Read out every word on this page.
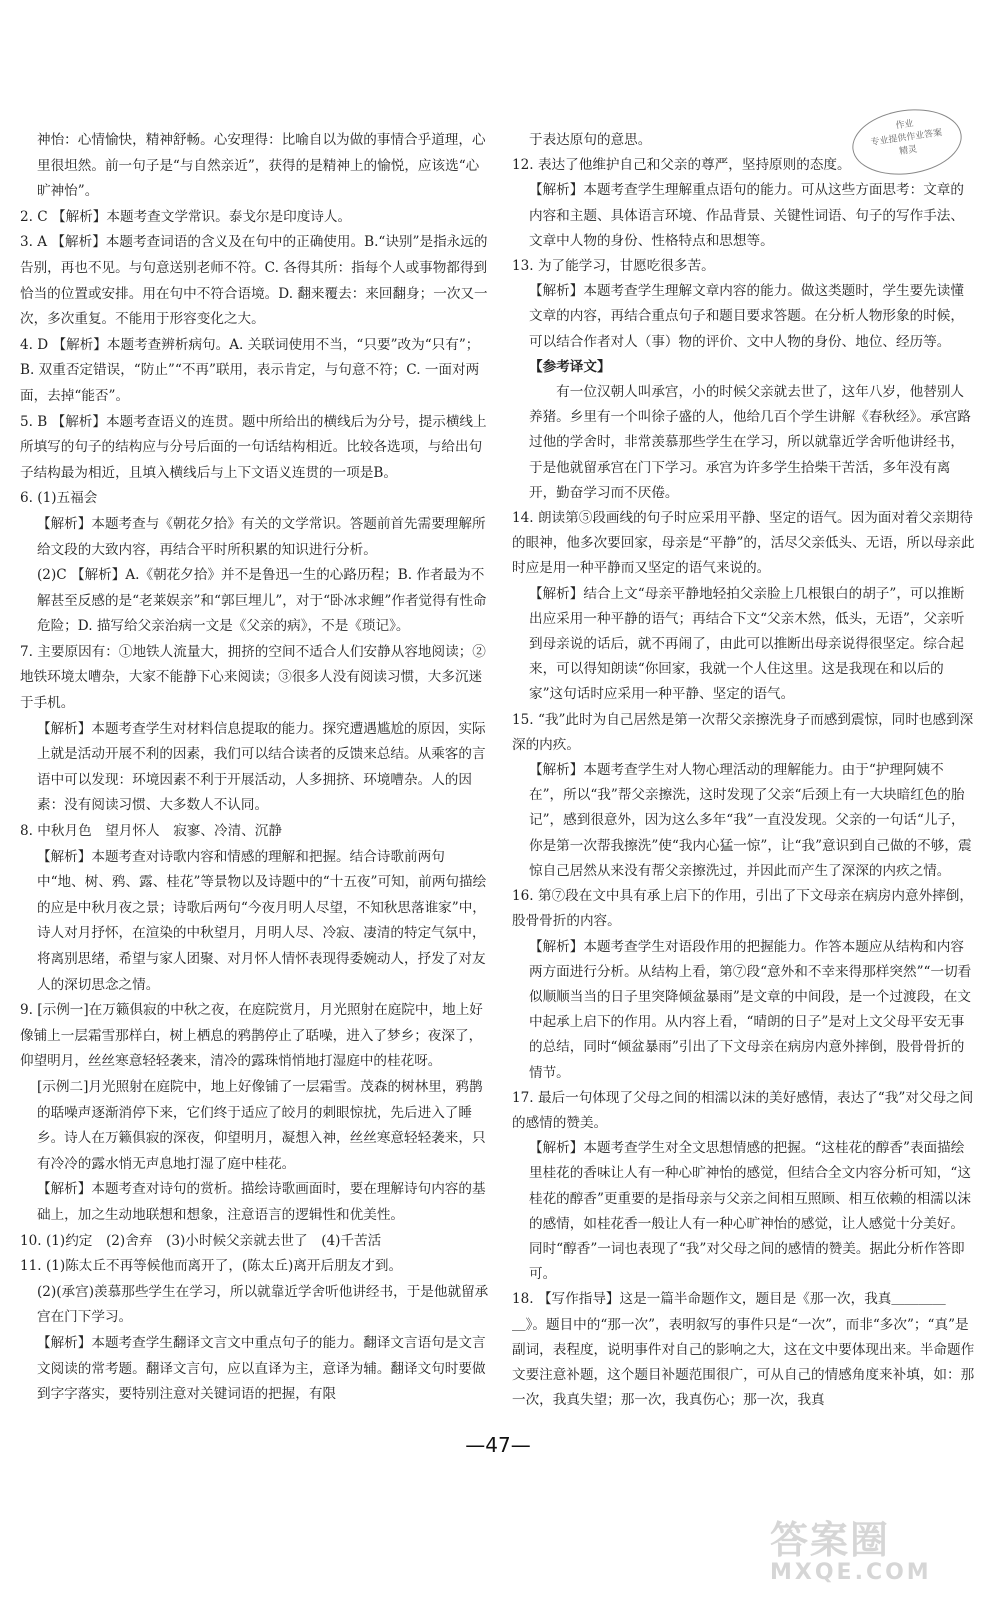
作业
专业提供作业答案
精灵
神怡：心情愉快，精神舒畅。心安理得：比喻自以为做的事情合乎道理，心里很坦然。前一句子是“与自然亲近”，获得的是精神上的愉悦，应该选“心旷神怡”。
2. C 【解析】本题考查文学常识。泰戈尔是印度诗人。
3. A 【解析】本题考查词语的含义及在句中的正确使用。B.“诀别”是指永远的告别，再也不见。与句意送别老师不符。C. 各得其所：指每个人或事物都得到恰当的位置或安排。用在句中不符合语境。D. 翻来覆去：来回翻身；一次又一次，多次重复。不能用于形容变化之大。
4. D 【解析】本题考查辨析病句。A. 关联词使用不当，“只要”改为“只有”；B. 双重否定错误，“防止”“不再”联用，表示肯定，与句意不符；C. 一面对两面，去掉“能否”。
5. B 【解析】本题考查语义的连贯。题中所给出的横线后为分号，提示横线上所填写的句子的结构应与分号后面的一句话结构相近。比较各选项，与给出句子结构最为相近，且填入横线后与上下文语义连贯的一项是B。
6. (1)五福会
【解析】本题考查与《朝花夕拾》有关的文学常识。答题前首先需要理解所给文段的大致内容，再结合平时所积累的知识进行分析。
(2)C 【解析】A.《朝花夕拾》并不是鲁迅一生的心路历程；B. 作者最为不解甚至反感的是“老莱娱亲”和“郭巨埋儿”，对于“卧冰求鲤”作者觉得有性命危险；D. 描写给父亲治病一文是《父亲的病》，不是《琐记》。
7. 主要原因有：①地铁人流量大，拥挤的空间不适合人们安静从容地阅读；②地铁环境太嘈杂，大家不能静下心来阅读；③很多人没有阅读习惯，大多沉迷于手机。
【解析】本题考查学生对材料信息提取的能力。探究遭遇尴尬的原因，实际上就是活动开展不利的因素，我们可以结合读者的反馈来总结。从乘客的言语中可以发现：环境因素不利于开展活动，人多拥挤、环境嘈杂。人的因素：没有阅读习惯、大多数人不认同。
8. 中秋月色　望月怀人　寂寥、冷清、沉静
【解析】本题考查对诗歌内容和情感的理解和把握。结合诗歌前两句中“地、树、鸦、露、桂花”等景物以及诗题中的“十五夜”可知，前两句描绘的应是中秋月夜之景；诗歌后两句“今夜月明人尽望，不知秋思落谁家”中，诗人对月抒怀，在渲染的中秋望月，月明人尽、冷寂、凄清的特定气氛中，将离别思绪，希望与家人团聚、对月怀人情怀表现得委婉动人，抒发了对友人的深切思念之情。
9. [示例一]在万籁俱寂的中秋之夜，在庭院赏月，月光照射在庭院中，地上好像铺上一层霜雪那样白，树上栖息的鸦鹊停止了聒噪，进入了梦乡；夜深了，仰望明月，丝丝寒意轻轻袭来，清冷的露珠悄悄地打湿庭中的桂花呀。
[示例二]月光照射在庭院中，地上好像铺了一层霜雪。茂森的树林里，鸦鹊的聒噪声逐渐消停下来，它们终于适应了皎月的刺眼惊扰，先后进入了睡乡。诗人在万籁俱寂的深夜，仰望明月，凝想入神，丝丝寒意轻轻袭来，只有冷冷的露水悄无声息地打湿了庭中桂花。
【解析】本题考查对诗句的赏析。描绘诗歌画面时，要在理解诗句内容的基础上，加之生动地联想和想象，注意语言的逻辑性和优美性。
10. (1)约定　(2)舍弃　(3)小时候父亲就去世了　(4)千苦活
11. (1)陈太丘不再等候他而离开了，(陈太丘)离开后朋友才到。
(2)(承宫)羡慕那些学生在学习，所以就靠近学舍听他讲经书，于是他就留承宫在门下学习。
【解析】本题考查学生翻译文言文中重点句子的能力。翻译文言语句是文言文阅读的常考题。翻译文言句，应以直译为主，意译为辅。翻译文句时要做到字字落实，要特别注意对关键词语的把握，有限
于表达原句的意思。
12. 表达了他维护自己和父亲的尊严，坚持原则的态度。
【解析】本题考查学生理解重点语句的能力。可从这些方面思考：文章的内容和主题、具体语言环境、作品背景、关键性词语、句子的写作手法、文章中人物的身份、性格特点和思想等。
13. 为了能学习，甘愿吃很多苦。
【解析】本题考查学生理解文章内容的能力。做这类题时，学生要先读懂文章的内容，再结合重点句子和题目要求答题。在分析人物形象的时候，可以结合作者对人（事）物的评价、文中人物的身份、地位、经历等。
【参考译文】
　　有一位汉朝人叫承宫，小的时候父亲就去世了，这年八岁，他替别人养猪。乡里有一个叫徐子盛的人，他给几百个学生讲解《春秋经》。承宫路过他的学舍时，非常羡慕那些学生在学习，所以就靠近学舍听他讲经书，于是他就留承宫在门下学习。承宫为许多学生拾柴干苦活，多年没有离开，勤奋学习而不厌倦。
14. 朗读第⑤段画线的句子时应采用平静、坚定的语气。因为面对着父亲期待的眼神，他多次要回家，母亲是“平静”的，活尽父亲低头、无语，所以母亲此时应是用一种平静而又坚定的语气来说的。
【解析】结合上文“母亲平静地轻拍父亲脸上几根银白的胡子”，可以推断出应采用一种平静的语气；再结合下文“父亲木然，低头，无语”，父亲听到母亲说的话后，就不再闹了，由此可以推断出母亲说得很坚定。综合起来，可以得知朗读“你回家，我就一个人住这里。这是我现在和以后的家”这句话时应采用一种平静、坚定的语气。
15. “我”此时为自己居然是第一次帮父亲擦洗身子而感到震惊，同时也感到深深的内疚。
【解析】本题考查学生对人物心理活动的理解能力。由于“护理阿姨不在”，所以“我”帮父亲擦洗，这时发现了父亲“后颈上有一大块暗红色的胎记”，感到很意外，因为这么多年“我”一直没发现。父亲的一句话“儿子，你是第一次帮我擦洗”使“我内心猛一惊”，让“我”意识到自己做的不够，震惊自己居然从来没有帮父亲擦洗过，并因此而产生了深深的内疚之情。
16. 第⑦段在文中具有承上启下的作用，引出了下文母亲在病房内意外摔倒，股骨骨折的内容。
【解析】本题考查学生对语段作用的把握能力。作答本题应从结构和内容两方面进行分析。从结构上看，第⑦段“意外和不幸来得那样突然”“一切看似顺顺当当的日子里突降倾盆暴雨”是文章的中间段，是一个过渡段，在文中起承上启下的作用。从内容上看，“晴朗的日子”是对上文父母平安无事的总结，同时“倾盆暴雨”引出了下文母亲在病房内意外摔倒，股骨骨折的情节。
17. 最后一句体现了父母之间的相濡以沫的美好感情，表达了“我”对父母之间的感情的赞美。
【解析】本题考查学生对全文思想情感的把握。“这桂花的醇香”表面描绘里桂花的香味让人有一种心旷神怡的感觉，但结合全文内容分析可知，“这桂花的醇香”更重要的是指母亲与父亲之间相互照顾、相互依赖的相濡以沫的感情，如桂花香一般让人有一种心旷神怡的感觉，让人感觉十分美好。同时“醇香”一词也表现了“我”对父母之间的感情的赞美。据此分析作答即可。
18. 【写作指导】这是一篇半命题作文，题目是《那一次，我真＿＿＿＿＿》。题目中的“那一次”，表明叙写的事件只是“一次”，而非“多次”；“真”是副词，表程度，说明事件对自己的影响之大，这在文中要体现出来。半命题作文要注意补题，这个题目补题范围很广，可从自己的情感角度来补填，如：那一次，我真失望；那一次，我真伤心；那一次，我真
—47—
答案圈
MXQE.COM
